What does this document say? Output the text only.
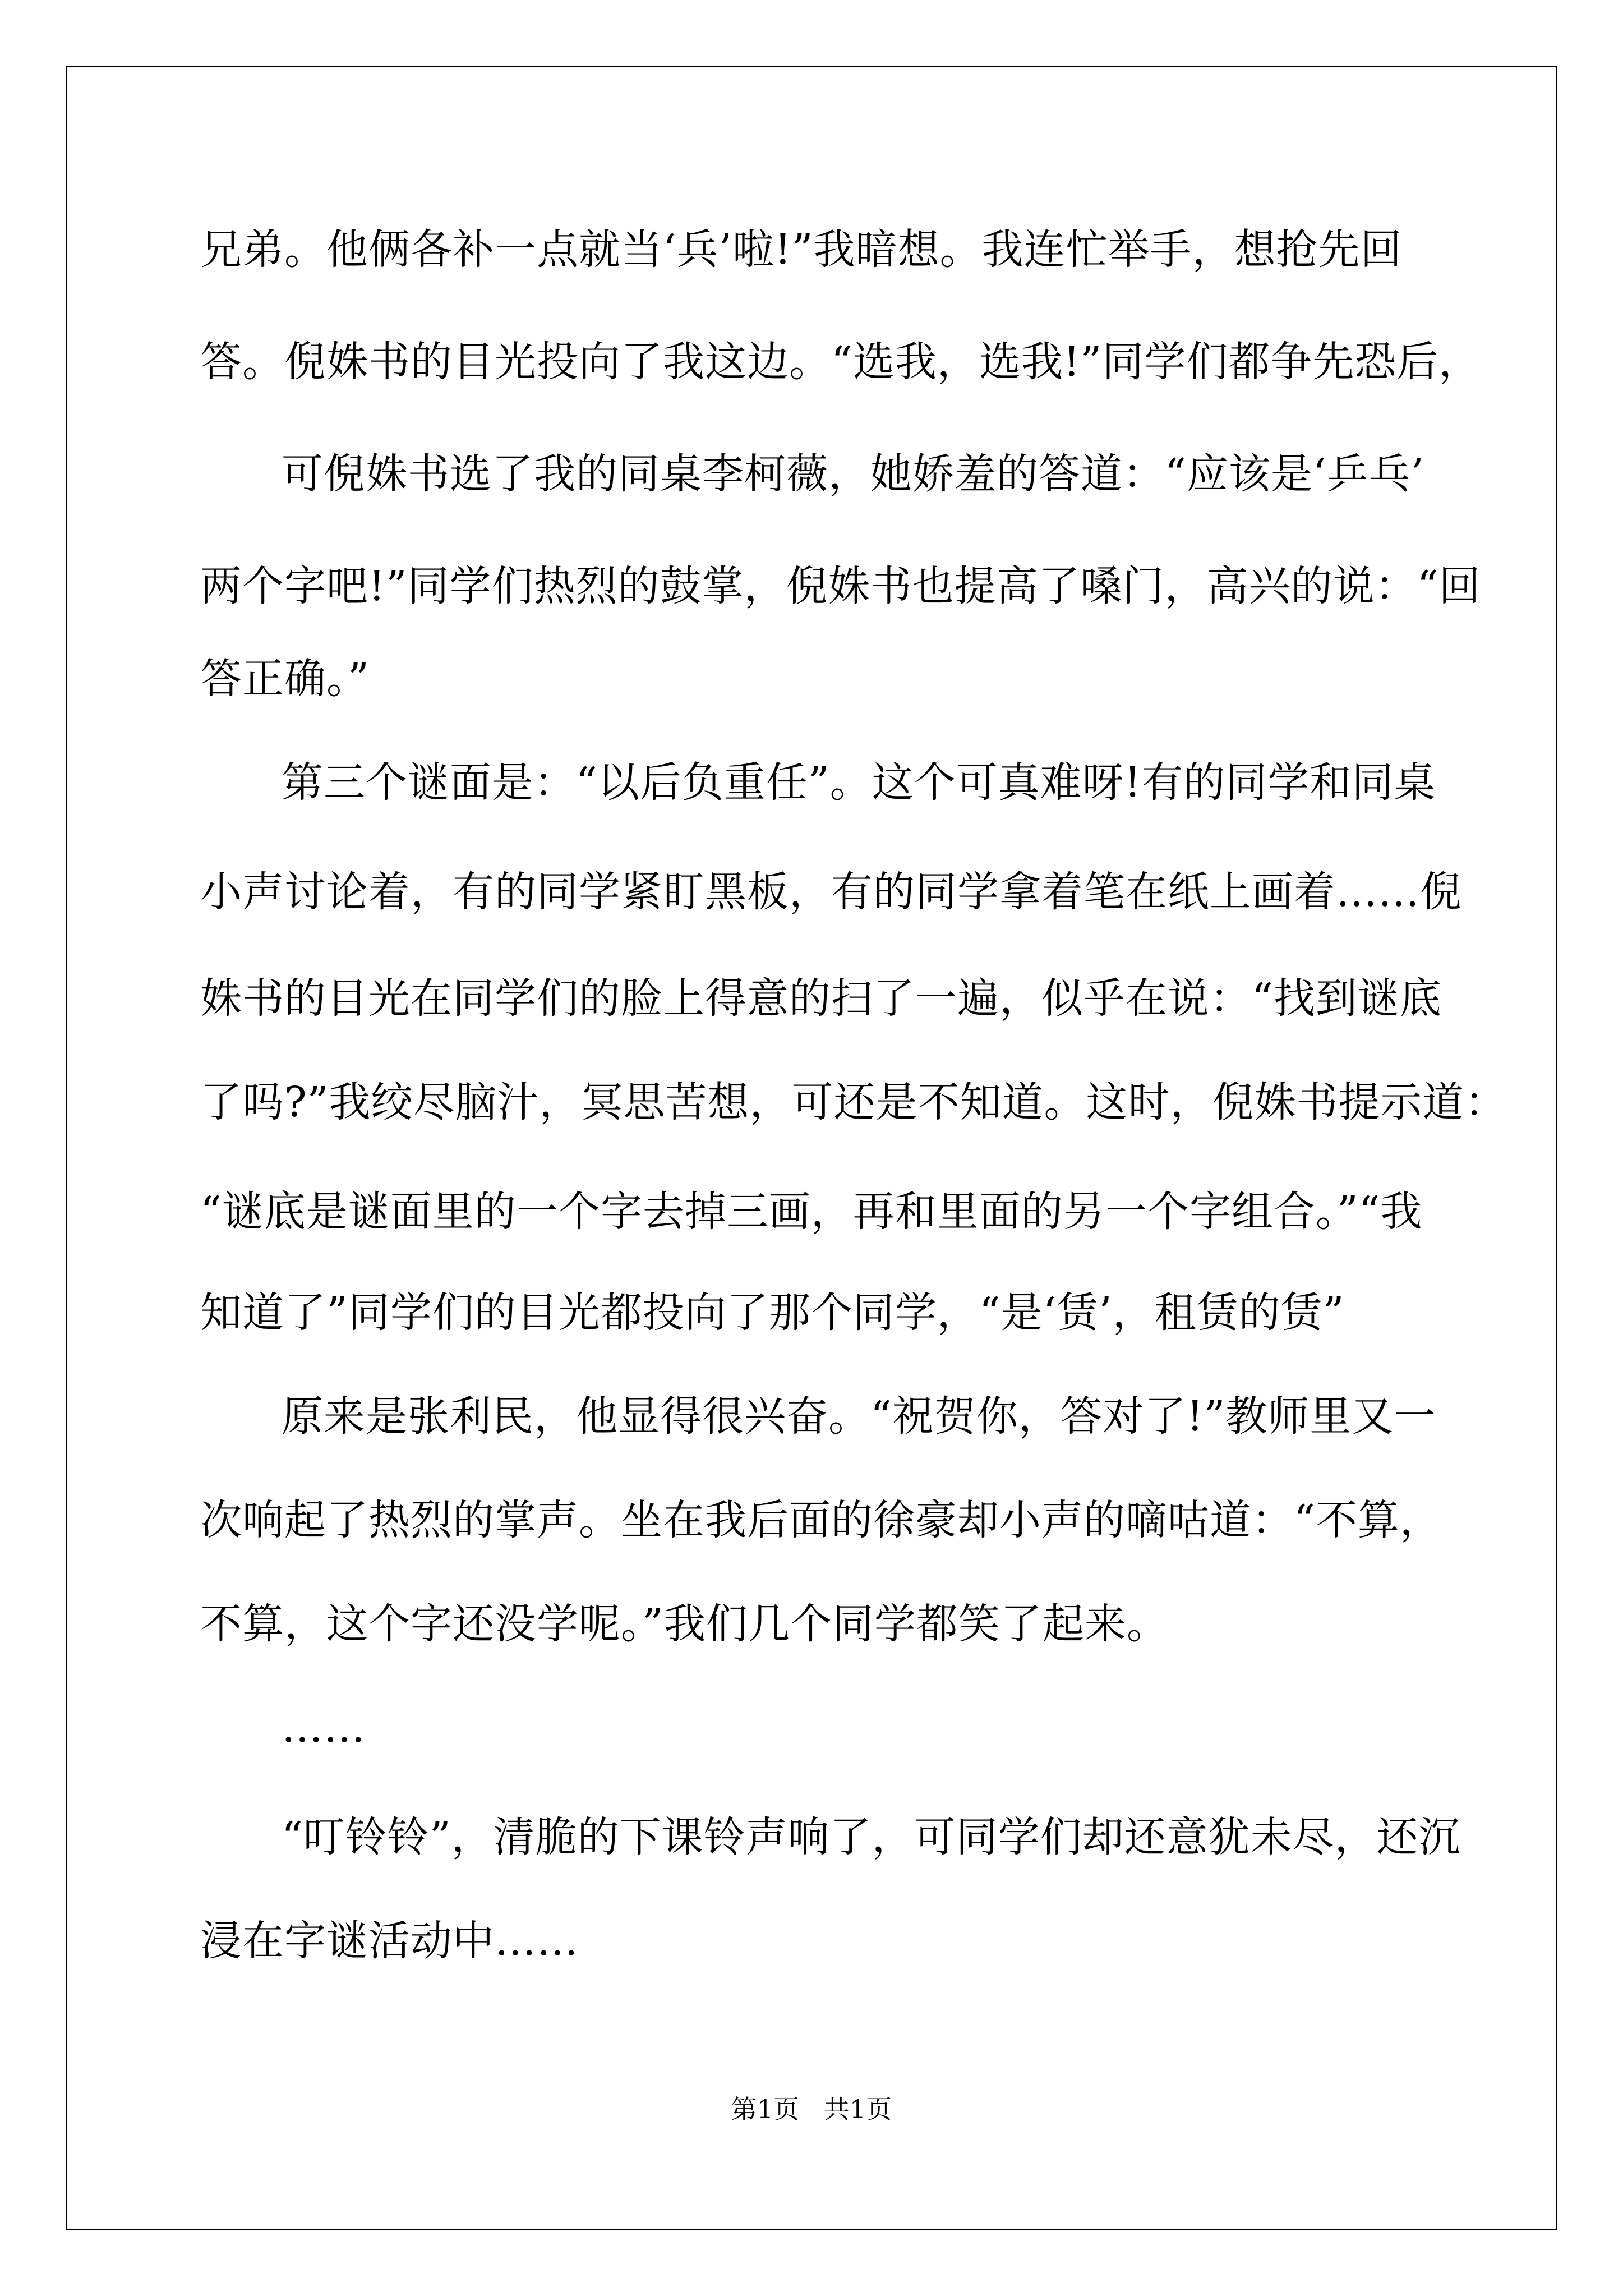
兄弟。他俩各补一点就当‘兵’啦!”我暗想。我连忙举手，想抢先回
答。倪姝书的目光投向了我这边。“选我，选我!”同学们都争先恐后，
可倪姝书选了我的同桌李柯薇，她娇羞的答道：“应该是‘乒乓’
两个字吧!”同学们热烈的鼓掌，倪姝书也提高了嗓门，高兴的说：“回
答正确。”
第三个谜面是：“以后负重任”。这个可真难呀!有的同学和同桌
小声讨论着，有的同学紧盯黑板，有的同学拿着笔在纸上画着……倪
姝书的目光在同学们的脸上得意的扫了一遍，似乎在说：“找到谜底
了吗?”我绞尽脑汁，冥思苦想，可还是不知道。这时，倪姝书提示道：
“谜底是谜面里的一个字去掉三画，再和里面的另一个字组合。”“我
知道了”同学们的目光都投向了那个同学，“是‘赁’，租赁的赁”
原来是张利民，他显得很兴奋。“祝贺你，答对了!”教师里又一
次响起了热烈的掌声。坐在我后面的徐豪却小声的嘀咕道：“不算，
不算，这个字还没学呢。”我们几个同学都笑了起来。
……
“叮铃铃”，清脆的下课铃声响了，可同学们却还意犹未尽，还沉
浸在字谜活动中……
第1页   共1页
